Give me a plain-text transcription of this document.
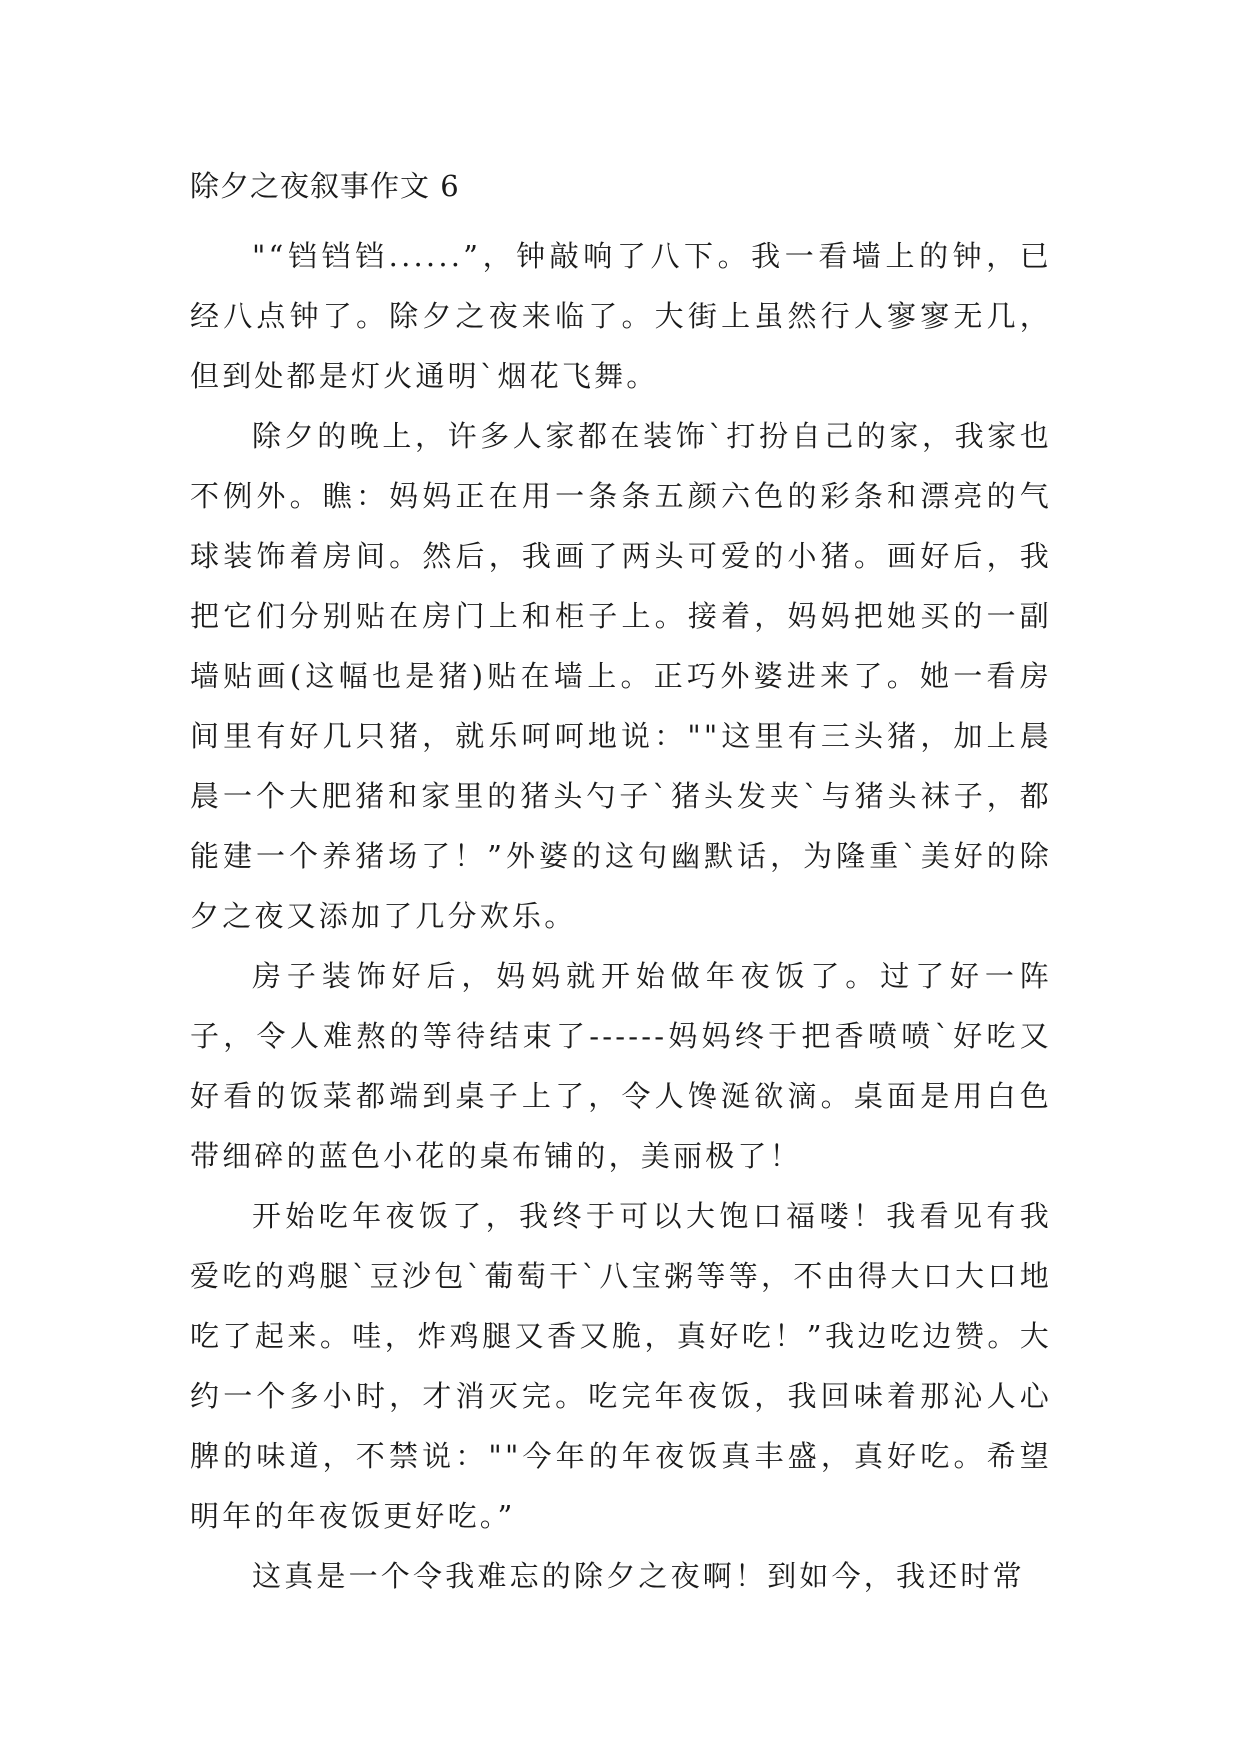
除夕之夜叙事作文 6

"“铛铛铛......”，钟敲响了八下。我一看墙上的钟，已经八点钟了。除夕之夜来临了。大街上虽然行人寥寥无几，但到处都是灯火通明`烟花飞舞。

除夕的晚上，许多人家都在装饰`打扮自己的家，我家也不例外。瞧：妈妈正在用一条条五颜六色的彩条和漂亮的气球装饰着房间。然后，我画了两头可爱的小猪。画好后，我把它们分别贴在房门上和柜子上。接着，妈妈把她买的一副墙贴画(这幅也是猪)贴在墙上。正巧外婆进来了。她一看房间里有好几只猪，就乐呵呵地说：""这里有三头猪，加上晨晨一个大肥猪和家里的猪头勺子`猪头发夹`与猪头袜子，都能建一个养猪场了！”外婆的这句幽默话，为隆重`美好的除夕之夜又添加了几分欢乐。

房子装饰好后，妈妈就开始做年夜饭了。过了好一阵子，令人难熬的等待结束了------妈妈终于把香喷喷`好吃又好看的饭菜都端到桌子上了，令人馋涎欲滴。桌面是用白色带细碎的蓝色小花的桌布铺的，美丽极了！

开始吃年夜饭了，我终于可以大饱口福喽！我看见有我爱吃的鸡腿`豆沙包`葡萄干`八宝粥等等，不由得大口大口地吃了起来。哇，炸鸡腿又香又脆，真好吃！”我边吃边赞。大约一个多小时，才消灭完。吃完年夜饭，我回味着那沁人心脾的味道，不禁说：""今年的年夜饭真丰盛，真好吃。希望明年的年夜饭更好吃。”

这真是一个令我难忘的除夕之夜啊！到如今，我还时常
